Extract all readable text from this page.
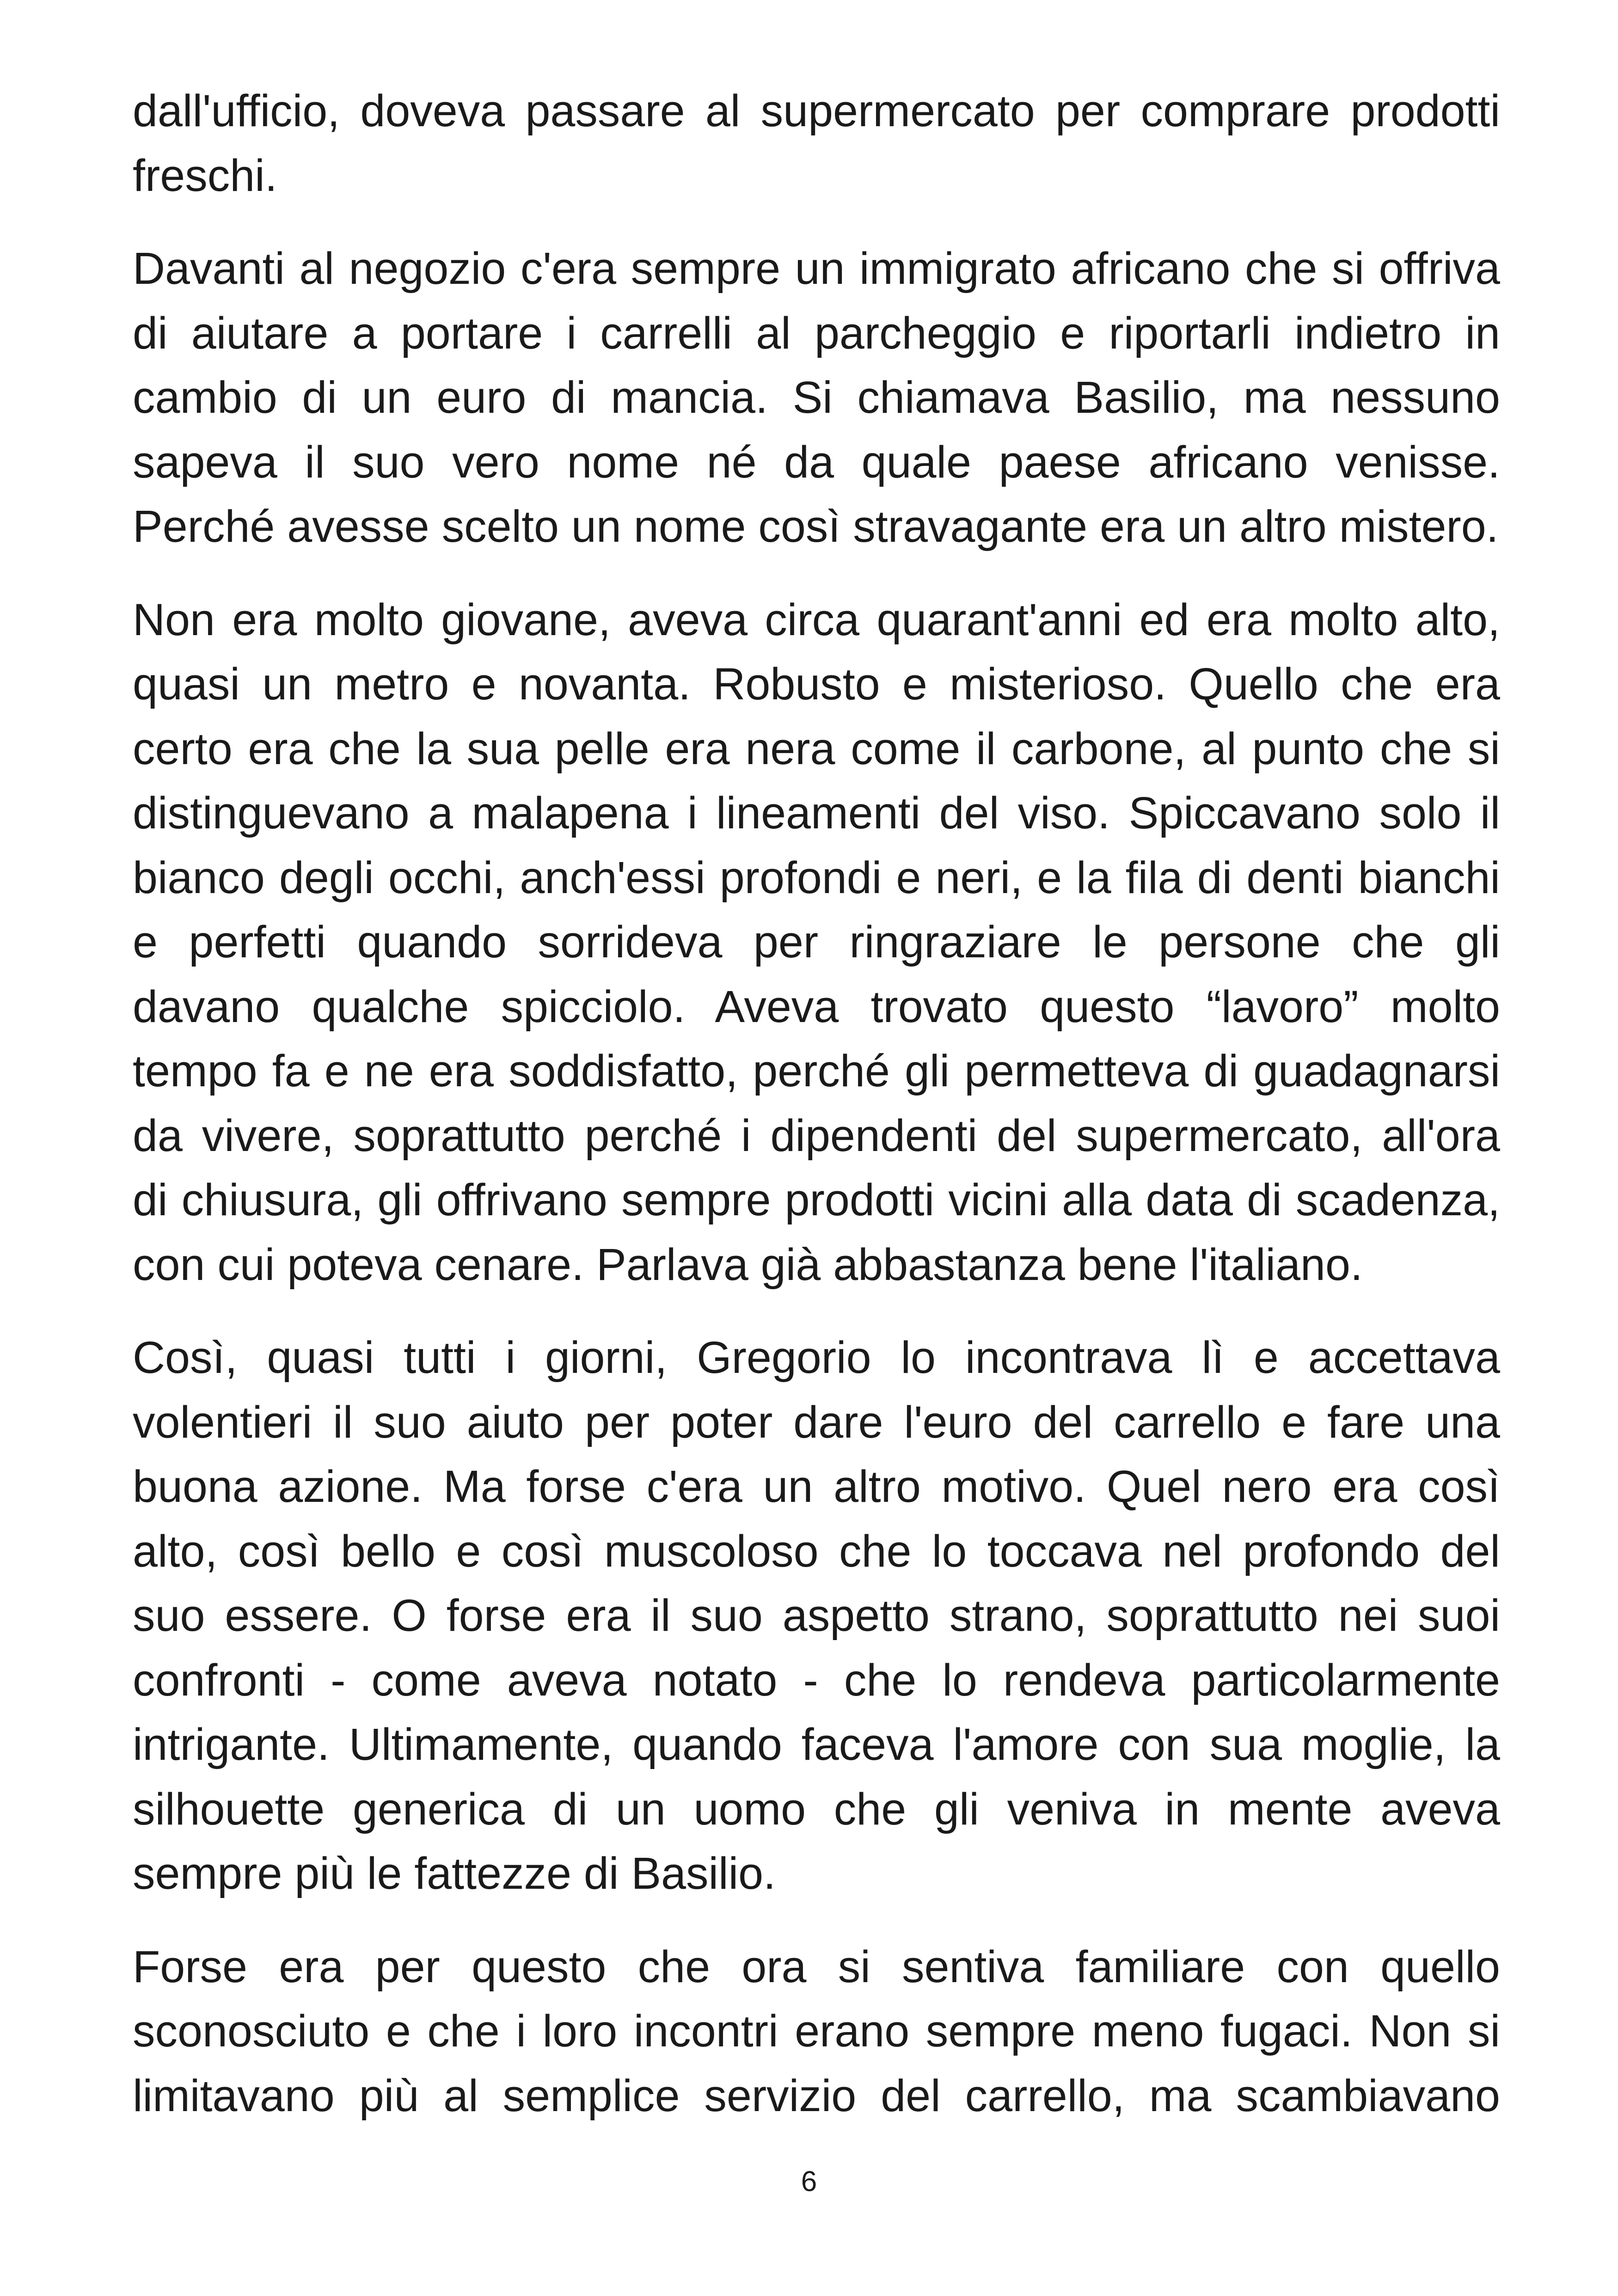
dall'ufficio, doveva passare al supermercato per comprare prodotti
freschi.

Davanti al negozio c'era sempre un immigrato africano che si offriva
di aiutare a portare i carrelli al parcheggio e riportarli indietro in
cambio di un euro di mancia. Si chiamava Basilio, ma nessuno
sapeva il suo vero nome né da quale paese africano venisse.
Perché avesse scelto un nome così stravagante era un altro mistero.

Non era molto giovane, aveva circa quarant'anni ed era molto alto,
quasi un metro e novanta. Robusto e misterioso. Quello che era
certo era che la sua pelle era nera come il carbone, al punto che si
distinguevano a malapena i lineamenti del viso. Spiccavano solo il
bianco degli occhi, anch'essi profondi e neri, e la fila di denti bianchi
e perfetti quando sorrideva per ringraziare le persone che gli
davano qualche spicciolo. Aveva trovato questo “lavoro” molto
tempo fa e ne era soddisfatto, perché gli permetteva di guadagnarsi
da vivere, soprattutto perché i dipendenti del supermercato, all'ora
di chiusura, gli offrivano sempre prodotti vicini alla data di scadenza,
con cui poteva cenare. Parlava già abbastanza bene l'italiano.

Così, quasi tutti i giorni, Gregorio lo incontrava lì e accettava
volentieri il suo aiuto per poter dare l'euro del carrello e fare una
buona azione. Ma forse c'era un altro motivo. Quel nero era così
alto, così bello e così muscoloso che lo toccava nel profondo del
suo essere. O forse era il suo aspetto strano, soprattutto nei suoi
confronti - come aveva notato - che lo rendeva particolarmente
intrigante. Ultimamente, quando faceva l'amore con sua moglie, la
silhouette generica di un uomo che gli veniva in mente aveva
sempre più le fattezze di Basilio.

Forse era per questo che ora si sentiva familiare con quello
sconosciuto e che i loro incontri erano sempre meno fugaci. Non si
limitavano più al semplice servizio del carrello, ma scambiavano

6
